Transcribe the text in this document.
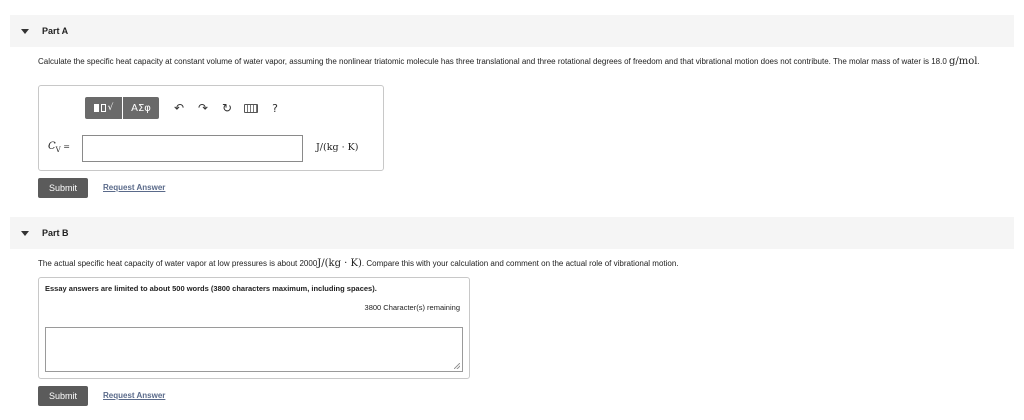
Part A
Calculate the specific heat capacity at constant volume of water vapor, assuming the nonlinear triatomic molecule has three translational and three rotational degrees of freedom and that vibrational motion does not contribute. The molar mass of water is 18.0 g/mol.
√	ΑΣφ	↶	↷	↻	?
$C_V$ =	J/(kg · K)
Submit	Request Answer
Part B
The actual specific heat capacity of water vapor at low pressures is about 2000J/(kg · K). Compare this with your calculation and comment on the actual role of vibrational motion.
Essay answers are limited to about 500 words (3800 characters maximum, including spaces).
3800 Character(s) remaining
Submit	Request Answer
